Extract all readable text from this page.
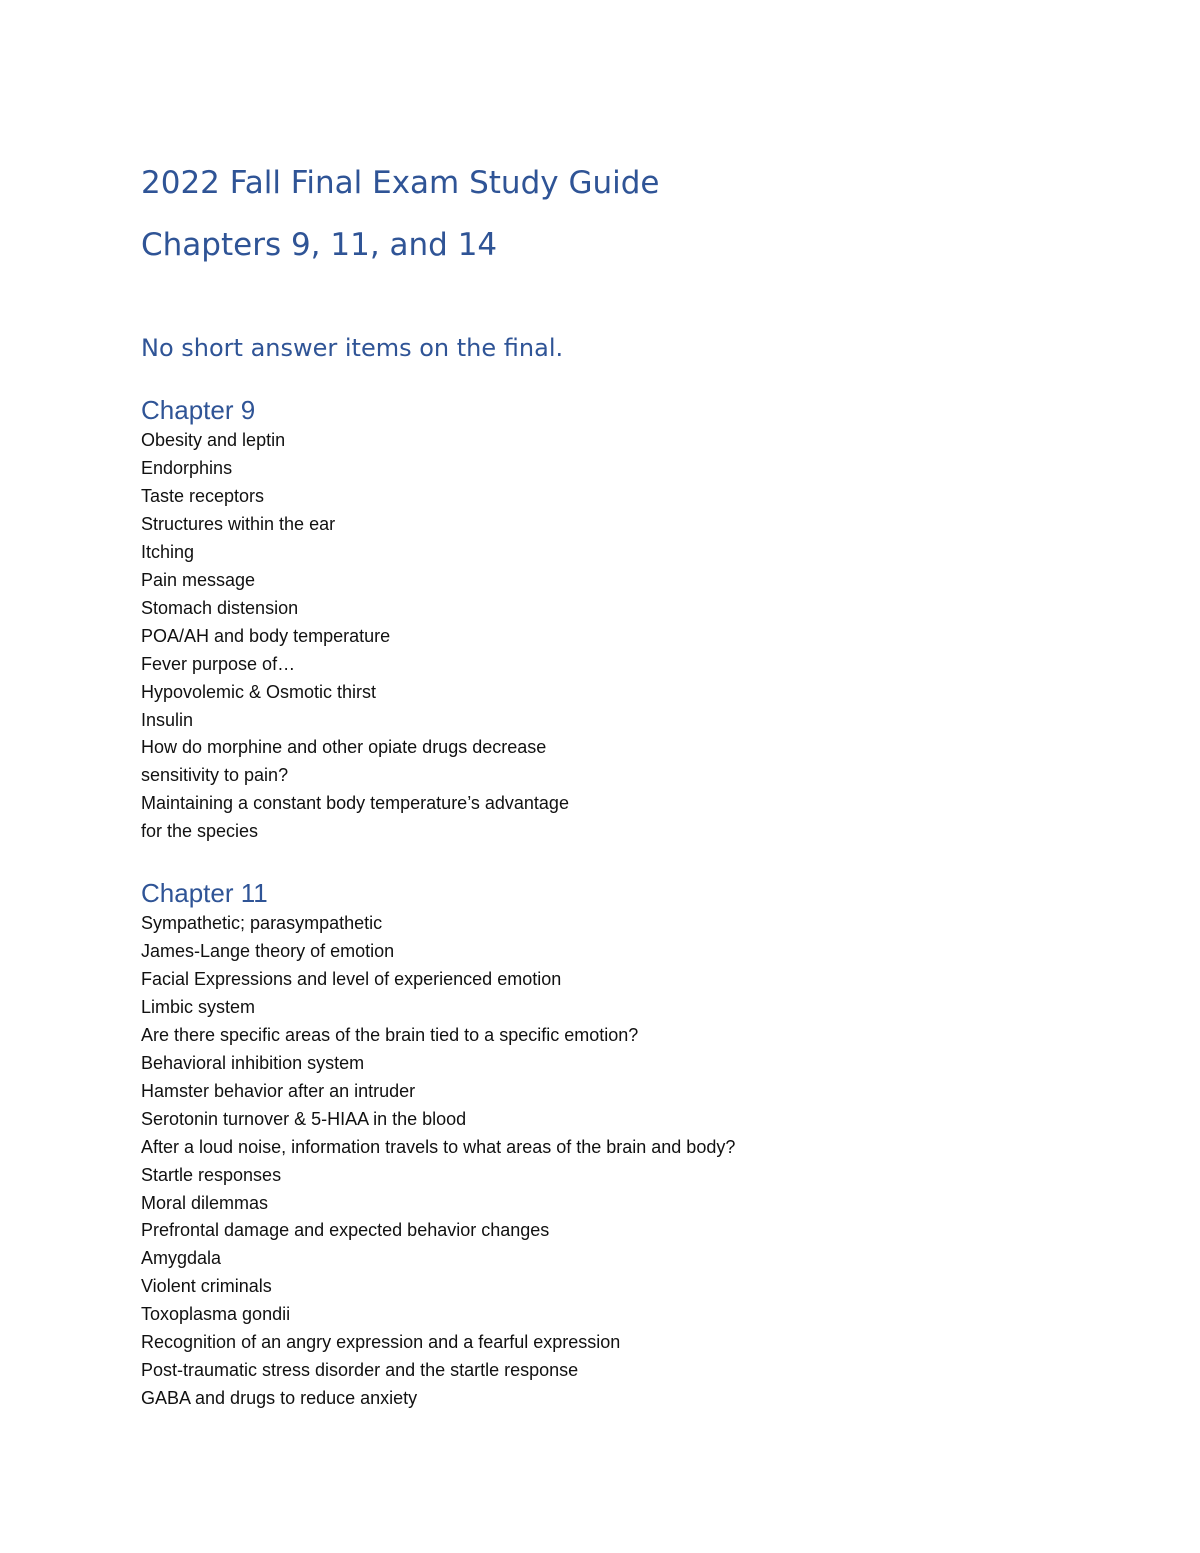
2022 Fall Final Exam Study Guide
Chapters 9, 11, and 14

No short answer items on the final.

Chapter 9
Obesity and leptin
Endorphins
Taste receptors
Structures within the ear
Itching
Pain message
Stomach distension
POA/AH and body temperature
Fever purpose of…
Hypovolemic & Osmotic thirst
Insulin
How do morphine and other opiate drugs decrease
sensitivity to pain?
Maintaining a constant body temperature’s advantage
for the species
Chapter 11
Sympathetic; parasympathetic
James-Lange theory of emotion
Facial Expressions and level of experienced emotion
Limbic system
Are there specific areas of the brain tied to a specific emotion?
Behavioral inhibition system
Hamster behavior after an intruder
Serotonin turnover & 5-HIAA in the blood
After a loud noise, information travels to what areas of the brain and body?
Startle responses
Moral dilemmas
Prefrontal damage and expected behavior changes
Amygdala
Violent criminals
Toxoplasma gondii
Recognition of an angry expression and a fearful expression
Post-traumatic stress disorder and the startle response
GABA and drugs to reduce anxiety
